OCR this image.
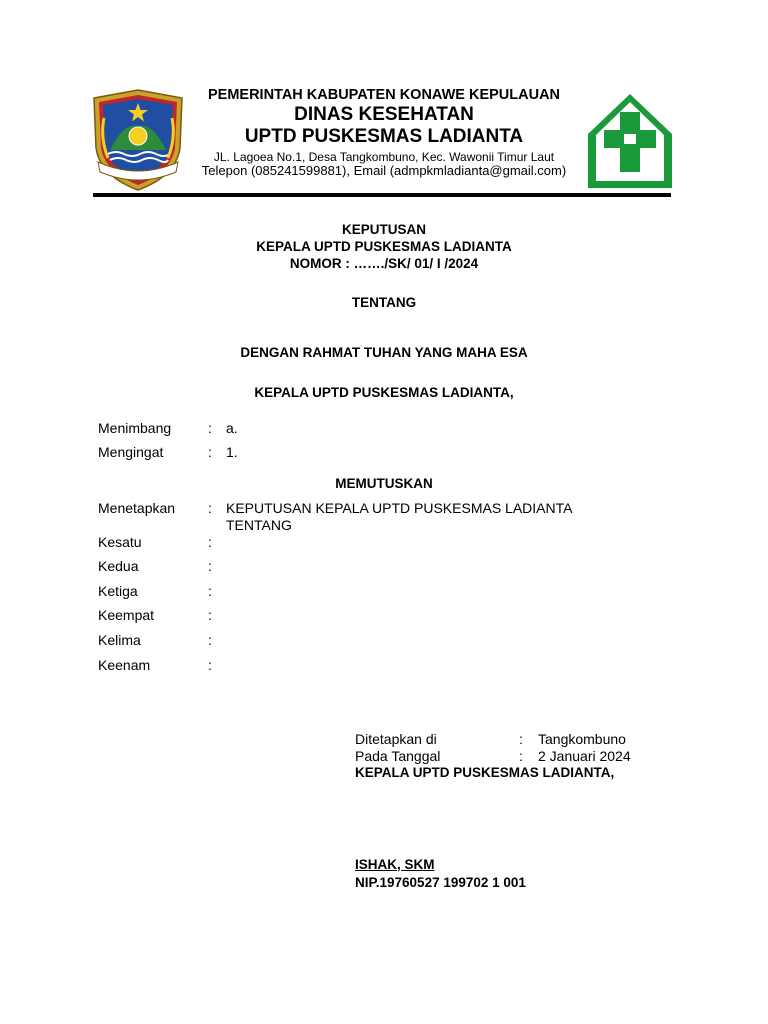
PEMERINTAH KABUPATEN KONAWE KEPULAUAN
DINAS KESEHATAN
UPTD PUSKESMAS LADIANTA
JL. Lagoea No.1, Desa Tangkombuno, Kec. Wawonii Timur Laut
Telepon (085241599881), Email (admpkmladianta@gmail.com)
KEPUTUSAN
KEPALA UPTD PUSKESMAS LADIANTA
NOMOR : ……./SK/ 01/ I /2024
TENTANG
DENGAN RAHMAT TUHAN YANG MAHA ESA
KEPALA UPTD PUSKESMAS LADIANTA,
Menimbang	: a.
Mengingat	: 1.
MEMUTUSKAN
Menetapkan : KEPUTUSAN KEPALA UPTD PUSKESMAS LADIANTA
TENTANG
Kesatu	:
Kedua	:
Ketiga	:
Keempat	:
Kelima	:
Keenam	:
Ditetapkan di	: Tangkombuno
Pada Tanggal	: 2 Januari 2024
KEPALA UPTD PUSKESMAS LADIANTA,
ISHAK, SKM
NIP.19760527 199702 1 001
